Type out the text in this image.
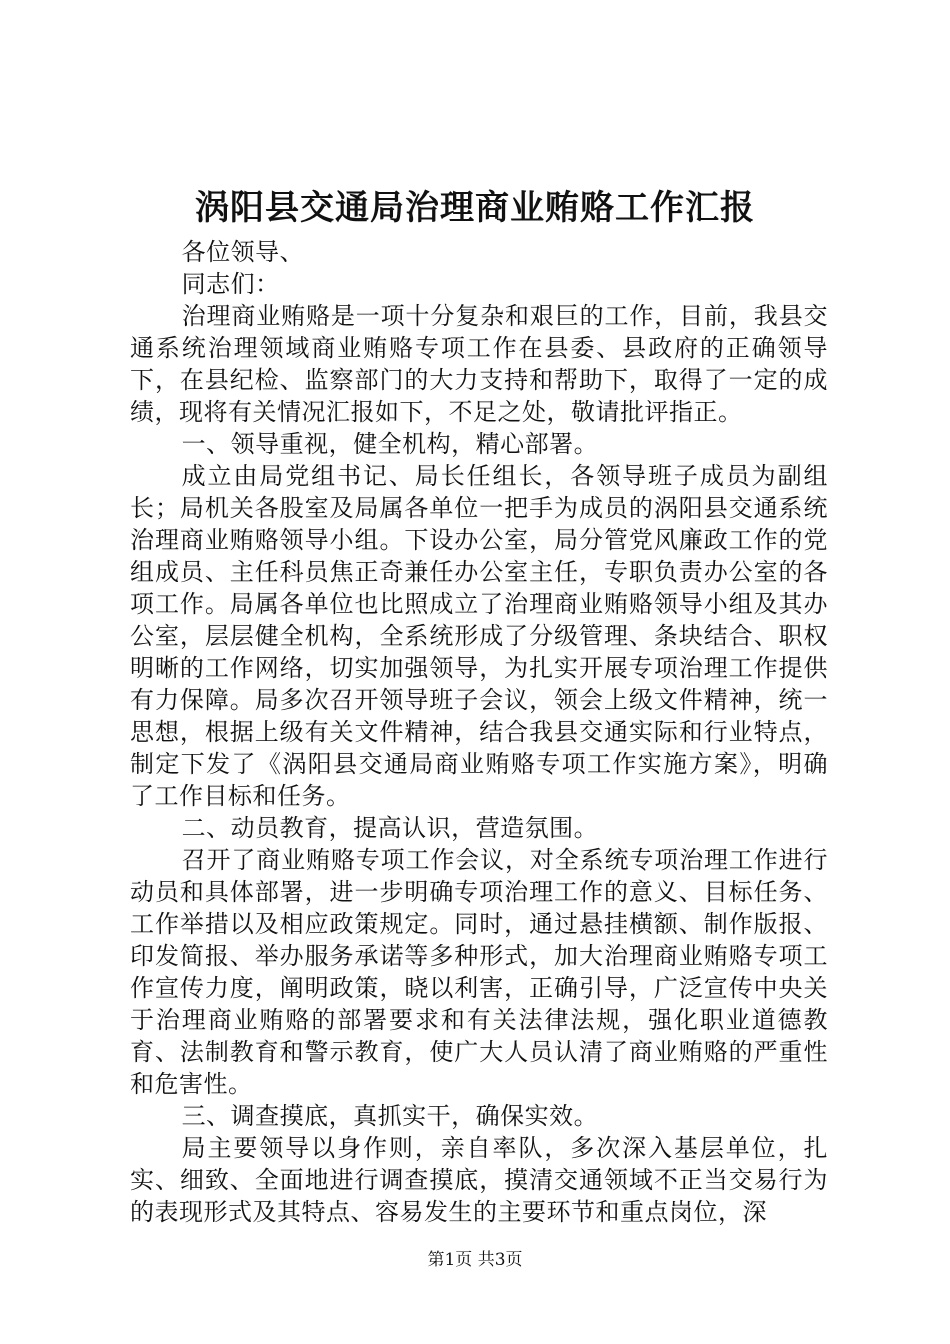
涡阳县交通局治理商业贿赂工作汇报

各位领导、

同志们：

治理商业贿赂是一项十分复杂和艰巨的工作，目前，我县交通系统治理领域商业贿赂专项工作在县委、县政府的正确领导下，在县纪检、监察部门的大力支持和帮助下，取得了一定的成绩，现将有关情况汇报如下，不足之处，敬请批评指正。

一、领导重视，健全机构，精心部署。

成立由局党组书记、局长任组长，各领导班子成员为副组长；局机关各股室及局属各单位一把手为成员的涡阳县交通系统治理商业贿赂领导小组。下设办公室，局分管党风廉政工作的党组成员、主任科员焦正奇兼任办公室主任，专职负责办公室的各项工作。局属各单位也比照成立了治理商业贿赂领导小组及其办公室，层层健全机构，全系统形成了分级管理、条块结合、职权明晰的工作网络，切实加强领导，为扎实开展专项治理工作提供有力保障。局多次召开领导班子会议，领会上级文件精神，统一思想，根据上级有关文件精神，结合我县交通实际和行业特点，制定下发了《涡阳县交通局商业贿赂专项工作实施方案》，明确了工作目标和任务。

二、动员教育，提高认识，营造氛围。

召开了商业贿赂专项工作会议，对全系统专项治理工作进行动员和具体部署，进一步明确专项治理工作的意义、目标任务、工作举措以及相应政策规定。同时，通过悬挂横额、制作版报、印发简报、举办服务承诺等多种形式，加大治理商业贿赂专项工作宣传力度，阐明政策，晓以利害，正确引导，广泛宣传中央关于治理商业贿赂的部署要求和有关法律法规，强化职业道德教育、法制教育和警示教育，使广大人员认清了商业贿赂的严重性和危害性。

三、调查摸底，真抓实干，确保实效。

局主要领导以身作则，亲自率队，多次深入基层单位，扎实、细致、全面地进行调查摸底，摸清交通领域不正当交易行为的表现形式及其特点、容易发生的主要环节和重点岗位，深

第1页 共3页
